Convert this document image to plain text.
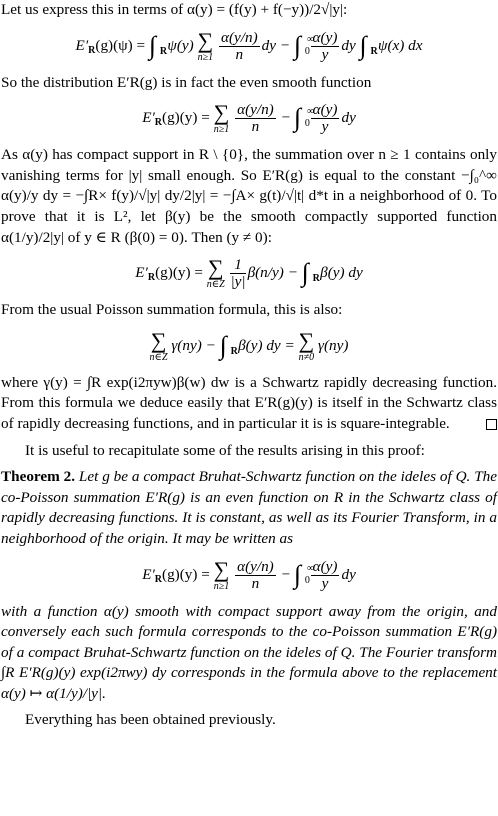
Let us express this in terms of α(y) = (f(y) + f(−y))/2√|y|:

$E'_R(g)(\psi)$ = ∫ R ψ(y) ∑
n≥1
$\frac{\alpha(y/n)}{n}$ dy − ∫ 0
∞

$\frac{\alpha(y)}{y}$ dy ∫ R ψ(x) dx

So the distribution E′R(g) is in fact the even smooth function

$E'_R(g)(y)$ = ∑
n≥1
$\frac{\alpha(y/n)}{n}$ − ∫ 0
∞

$\frac{\alpha(y)}{y}$ dy

As α(y) has compact support in R \ {0}, the summation over n ≥ 1 contains only vanishing terms for |y| small enough. So E′R(g) is equal to the constant −∫₀^∞ α(y)/y dy = −∫R× f(y)/√|y| dy/2|y| = −∫A× g(t)/√|t| d*t in a neighborhood of 0. To prove that it is L², let β(y) be the smooth compactly supported function α(1/y)/2|y| of y ∈ R (β(0) = 0). Then (y ≠ 0):

$E'_R(g)(y)$ = ∑
n∈Z
$\frac{1}{|y|} \beta(n/y)$ − ∫ R β(y) dy

From the usual Poisson summation formula, this is also:

∑
n∈Z
γ(ny) − ∫ R β(y) dy = ∑
n≠0
γ(ny)

where γ(y) = ∫R exp(i2πyw)β(w) dw is a Schwartz rapidly decreasing function. From this formula we deduce easily that E′R(g)(y) is itself in the Schwartz class of rapidly decreasing functions, and in particular it is is square-integrable.

It is useful to recapitulate some of the results arising in this proof:

Theorem 2. Let g be a compact Bruhat-Schwartz function on the ideles of Q. The co-Poisson summation E′R(g) is an even function on R in the Schwartz class of rapidly decreasing functions. It is constant, as well as its Fourier Transform, in a neighborhood of the origin. It may be written as

$E'_R(g)(y)$ = ∑
n≥1
$\frac{\alpha(y/n)}{n}$ − ∫ 0
∞

$\frac{\alpha(y)}{y}$ dy

with a function α(y) smooth with compact support away from the origin, and conversely each such formula corresponds to the co-Poisson summation E′R(g) of a compact Bruhat-Schwartz function on the ideles of Q. The Fourier transform ∫R E′R(g)(y) exp(i2πwy) dy corresponds in the formula above to the replacement α(y) ↦ α(1/y)/|y|.

Everything has been obtained previously.
